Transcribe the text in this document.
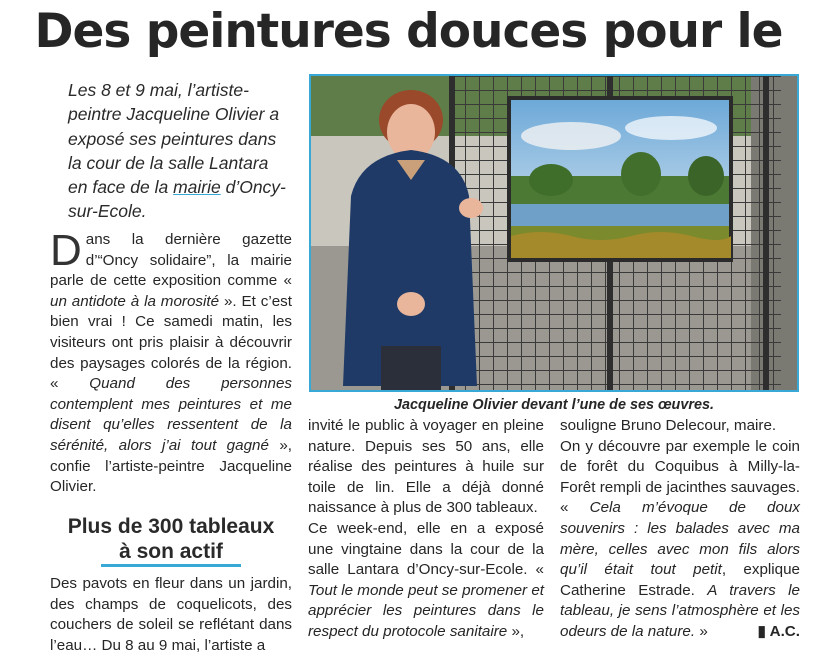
Des peintures douces pour le
Les 8 et 9 mai, l’artiste-peintre Jacqueline Olivier a exposé ses peintures dans la cour de la salle Lantara en face de la mairie d’Oncy-sur-Ecole.

Dans la dernière gazette d’“Oncy solidaire”, la mairie parle de cette exposition comme « un antidote à la morosité ». Et c’est bien vrai ! Ce samedi matin, les visiteurs ont pris plaisir à découvrir des paysages colorés de la région. « Quand des personnes contemplent mes peintures et me disent qu’elles ressentent de la sérénité, alors j’ai tout gagné », confie l’artiste-peintre Jacqueline Olivier.

Plus de 300 tableaux
à son actif

Des pavots en fleur dans un jardin, des champs de coquelicots, des couchers de soleil se reflétant dans l’eau… Du 8 au 9 mai, l’artiste a

Jacqueline Olivier devant l’une de ses œuvres.

invité le public à voyager en pleine nature. Depuis ses 50 ans, elle réalise des peintures à huile sur toile de lin. Elle a déjà donné naissance à plus de 300 tableaux.

Ce week-end, elle en a exposé une vingtaine dans la cour de la salle Lantara d’Oncy-sur-Ecole. « Tout le monde peut se promener et apprécier les peintures dans le respect du protocole sanitaire »,

souligne Bruno Delecour, maire.

On y découvre par exemple le coin de forêt du Coquibus à Milly-la-Forêt rempli de jacinthes sauvages. « Cela m’évoque de doux souvenirs : les balades avec ma mère, celles avec mon fils alors qu’il était tout petit, explique Catherine Estrade. A travers le tableau, je sens l’atmosphère et les odeurs de la nature. »	▮ A.C.
